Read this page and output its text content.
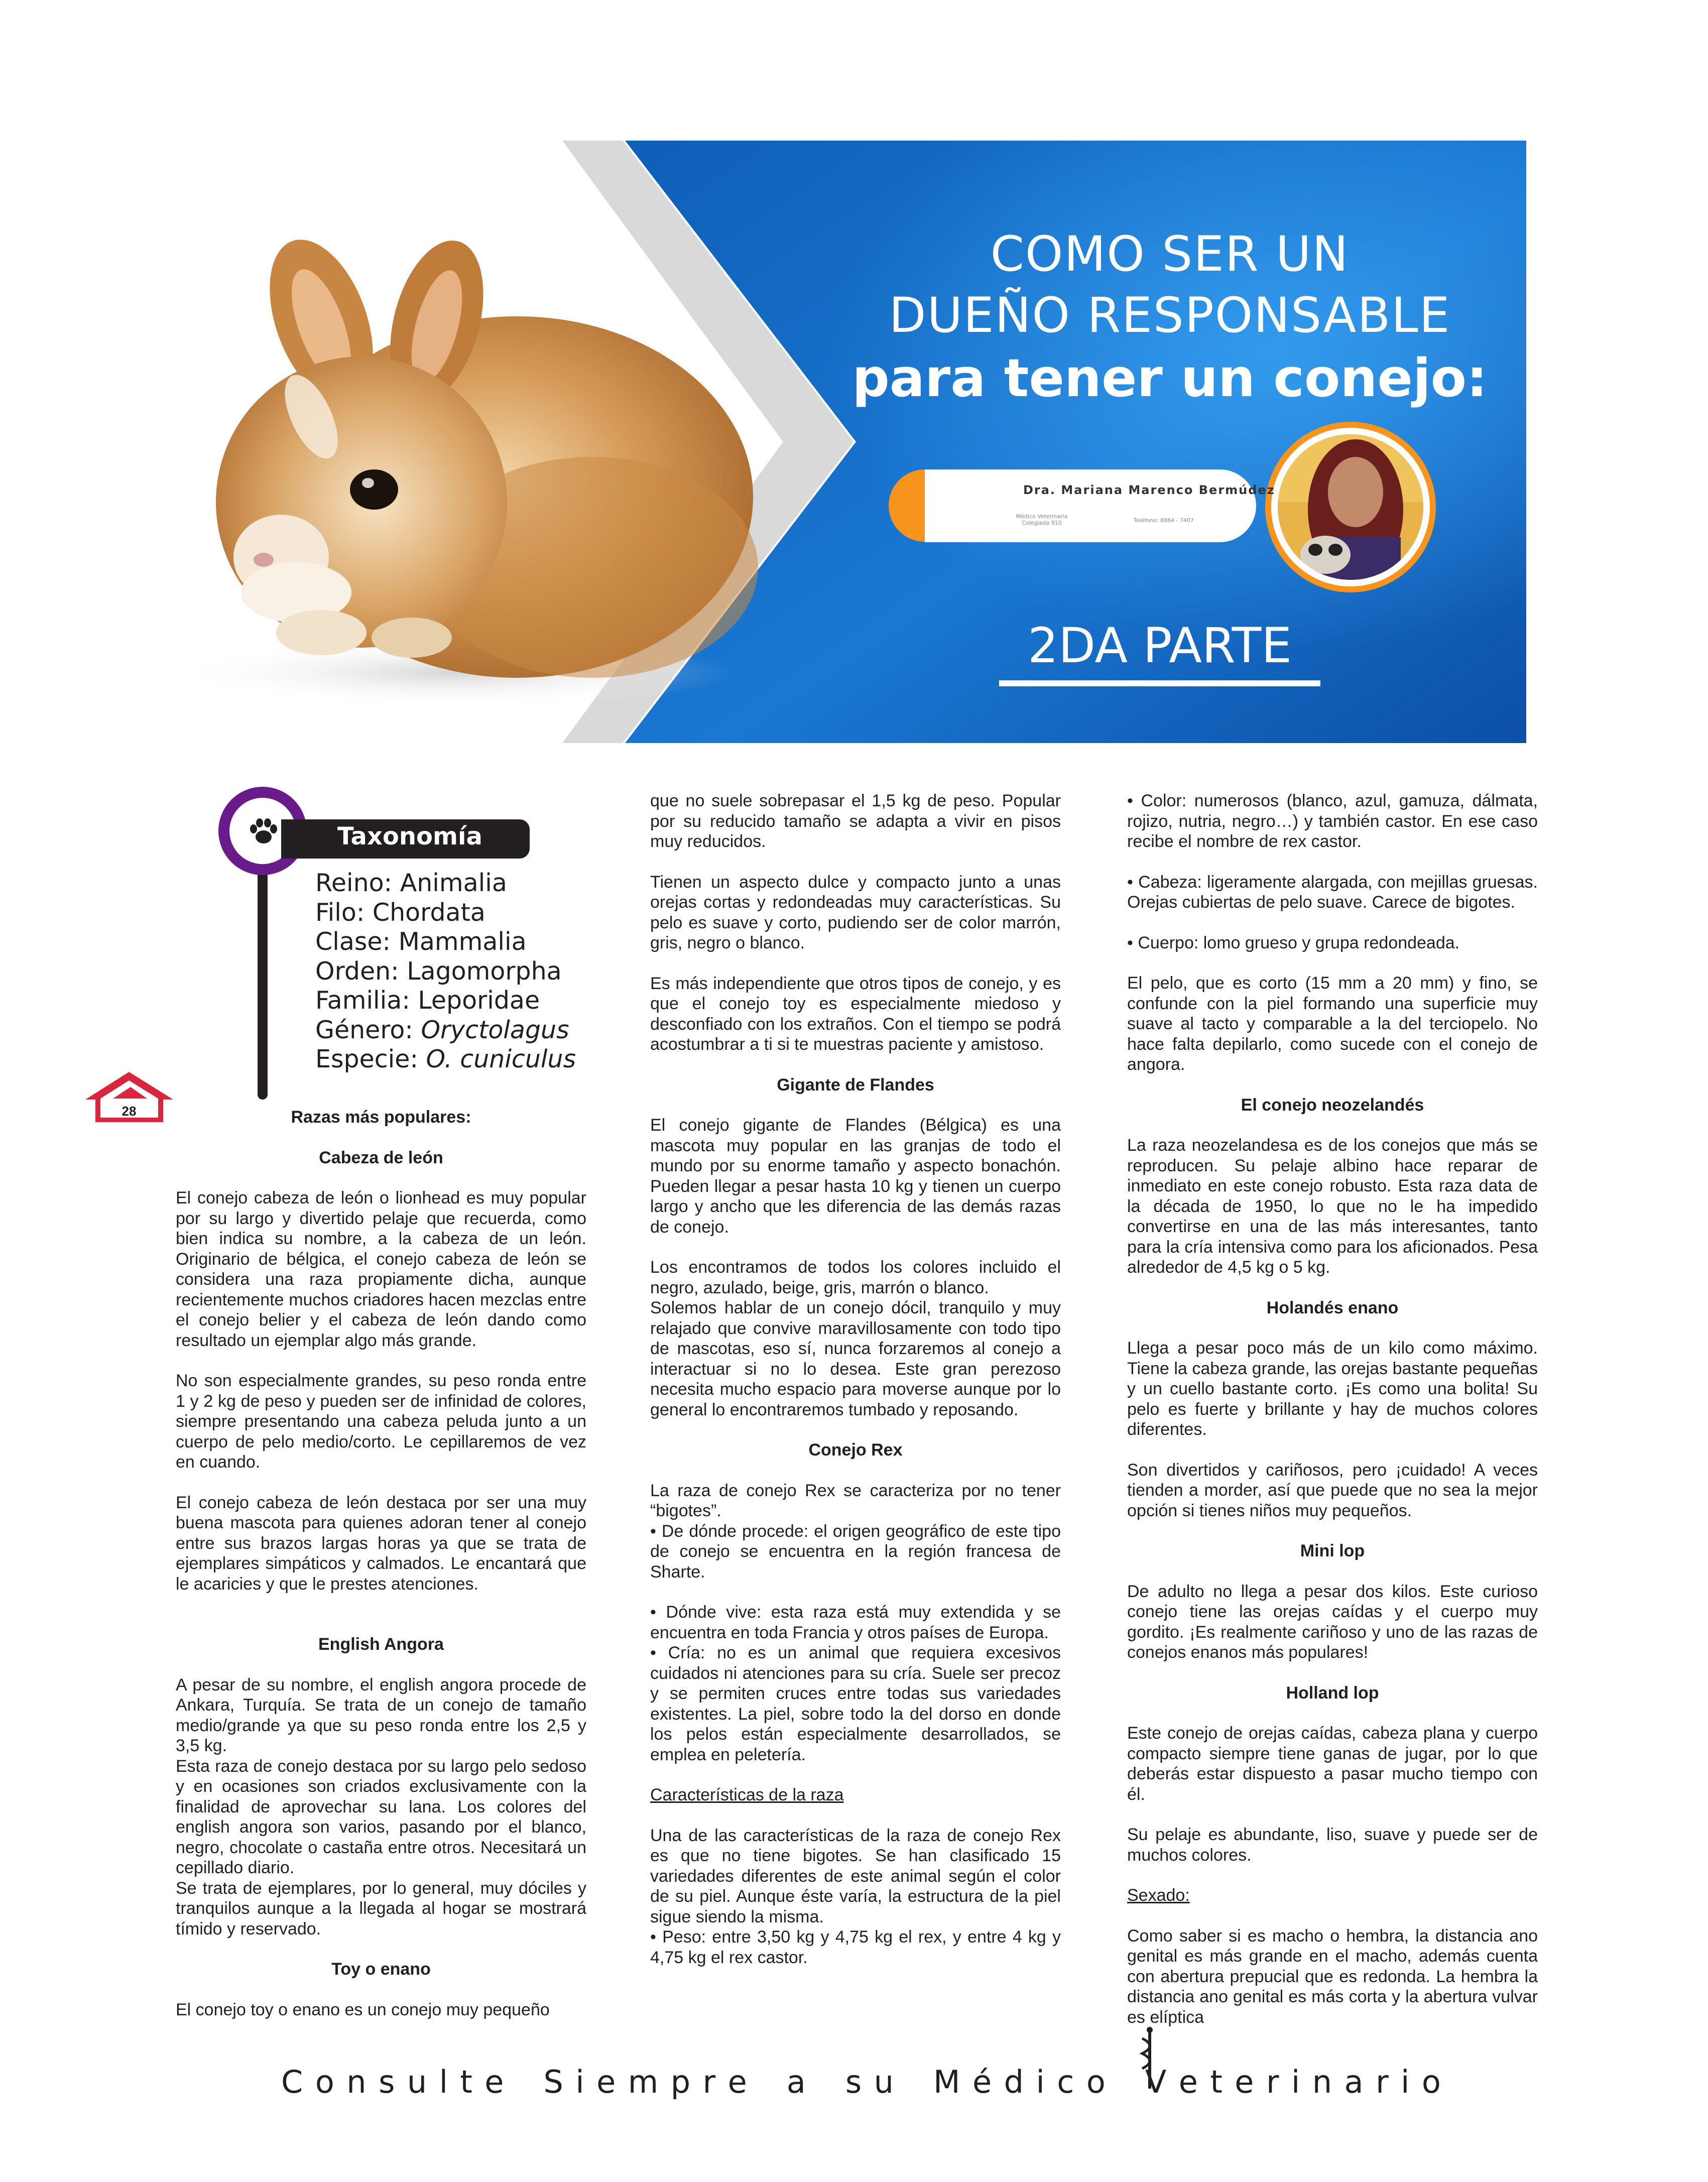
Dra. Mariana Marenco Bermúdez
Médico Veterinaria
Colegiada 910	Teléfono: 8864 - 7407
COMO SER UN
DUEÑO RESPONSABLE
para tener un conejo:
2DA PARTE
Taxonomía
Reino: Animalia
Filo: Chordata
Clase: Mammalia
Orden: Lagomorpha
Familia: Leporidae
Género: Oryctolagus
Especie: O. cuniculus
28	Razas más populares:
Cabeza de león

El conejo cabeza de león o lionhead es muy popular por su largo y divertido pelaje que recuerda, como bien indica su nombre, a la cabeza de un león. Originario de bélgica, el conejo cabeza de león se considera una raza propiamente dicha, aunque recientemente muchos criadores hacen mezclas entre el conejo belier y el cabeza de león dando como resultado un ejemplar algo más grande.

No son especialmente grandes, su peso ronda entre 1 y 2 kg de peso y pueden ser de infinidad de colores, siempre presentando una cabeza peluda junto a un cuerpo de pelo medio/corto. Le cepillaremos de vez en cuando.

El conejo cabeza de león destaca por ser una muy buena mascota para quienes adoran tener al conejo entre sus brazos largas horas ya que se trata de ejemplares simpáticos y calmados. Le encantará que le acaricies y que le prestes atenciones.

English Angora

A pesar de su nombre, el english angora procede de Ankara, Turquía. Se trata de un conejo de tamaño medio/grande ya que su peso ronda entre los 2,5 y 3,5 kg.

Esta raza de conejo destaca por su largo pelo sedoso y en ocasiones son criados exclusivamente con la finalidad de aprovechar su lana. Los colores del english angora son varios, pasando por el blanco, negro, chocolate o castaña entre otros. Necesitará un cepillado diario.

Se trata de ejemplares, por lo general, muy dóciles y tranquilos aunque a la llegada al hogar se mostrará tímido y reservado.

Toy o enano

El conejo toy o enano es un conejo muy pequeño

que no suele sobrepasar el 1,5 kg de peso. Popular por su reducido tamaño se adapta a vivir en pisos muy reducidos.

Tienen un aspecto dulce y compacto junto a unas orejas cortas y redondeadas muy características. Su pelo es suave y corto, pudiendo ser de color marrón, gris, negro o blanco.

Es más independiente que otros tipos de conejo, y es que el conejo toy es especialmente miedoso y desconfiado con los extraños. Con el tiempo se podrá acostumbrar a ti si te muestras paciente y amistoso.

Gigante de Flandes

El conejo gigante de Flandes (Bélgica) es una mascota muy popular en las granjas de todo el mundo por su enorme tamaño y aspecto bonachón. Pueden llegar a pesar hasta 10 kg y tienen un cuerpo largo y ancho que les diferencia de las demás razas de conejo.

Los encontramos de todos los colores incluido el negro, azulado, beige, gris, marrón o blanco.

Solemos hablar de un conejo dócil, tranquilo y muy relajado que convive maravillosamente con todo tipo de mascotas, eso sí, nunca forzaremos al conejo a interactuar si no lo desea. Este gran perezoso necesita mucho espacio para moverse aunque por lo general lo encontraremos tumbado y reposando.

Conejo Rex

La raza de conejo Rex se caracteriza por no tener “bigotes”.

• De dónde procede: el origen geográfico de este tipo de conejo se encuentra en la región francesa de Sharte.

• Dónde vive: esta raza está muy extendida y se encuentra en toda Francia y otros países de Europa.

• Cría: no es un animal que requiera excesivos cuidados ni atenciones para su cría. Suele ser precoz y se permiten cruces entre todas sus variedades existentes. La piel, sobre todo la del dorso en donde los pelos están especialmente desarrollados, se emplea en peletería.

Características de la raza

Una de las características de la raza de conejo Rex es que no tiene bigotes. Se han clasificado 15 variedades diferentes de este animal según el color de su piel. Aunque éste varía, la estructura de la piel sigue siendo la misma.

• Peso: entre 3,50 kg y 4,75 kg el rex, y entre 4 kg y 4,75 kg el rex castor.

• Color: numerosos (blanco, azul, gamuza, dálmata, rojizo, nutria, negro…) y también castor. En ese caso recibe el nombre de rex castor.

• Cabeza: ligeramente alargada, con mejillas gruesas. Orejas cubiertas de pelo suave. Carece de bigotes.

• Cuerpo: lomo grueso y grupa redondeada.

El pelo, que es corto (15 mm a 20 mm) y fino, se confunde con la piel formando una superficie muy suave al tacto y comparable a la del terciopelo. No hace falta depilarlo, como sucede con el conejo de angora.

El conejo neozelandés

La raza neozelandesa es de los conejos que más se reproducen. Su pelaje albino hace reparar de inmediato en este conejo robusto. Esta raza data de la década de 1950, lo que no le ha impedido convertirse en una de las más interesantes, tanto para la cría intensiva como para los aficionados. Pesa alrededor de 4,5 kg o 5 kg.

Holandés enano

Llega a pesar poco más de un kilo como máximo. Tiene la cabeza grande, las orejas bastante pequeñas y un cuello bastante corto. ¡Es como una bolita! Su pelo es fuerte y brillante y hay de muchos colores diferentes.

Son divertidos y cariñosos, pero ¡cuidado! A veces tienden a morder, así que puede que no sea la mejor opción si tienes niños muy pequeños.

Mini lop

De adulto no llega a pesar dos kilos. Este curioso conejo tiene las orejas caídas y el cuerpo muy gordito. ¡Es realmente cariñoso y uno de las razas de conejos enanos más populares!

Holland lop

Este conejo de orejas caídas, cabeza plana y cuerpo compacto siempre tiene ganas de jugar, por lo que deberás estar dispuesto a pasar mucho tiempo con él.

Su pelaje es abundante, liso, suave y puede ser de muchos colores.

Sexado:

Como saber si es macho o hembra, la distancia ano genital es más grande en el macho, además cuenta con abertura prepucial que es redonda. La hembra la distancia ano genital es más corta y la abertura vulvar es elíptica

C o n s u l t e S i e m p r e a s u M é d i c o V e t e r i n a r i o
